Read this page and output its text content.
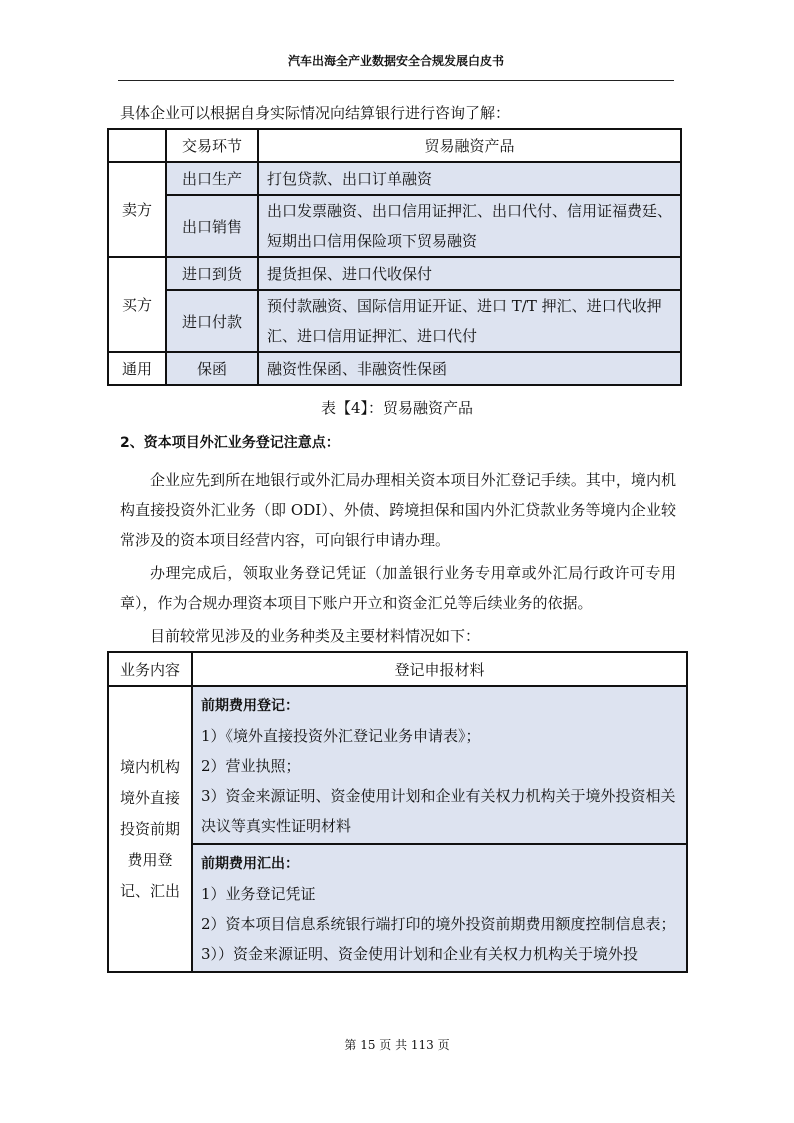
汽车出海全产业数据安全合规发展白皮书
具体企业可以根据自身实际情况向结算银行进行咨询了解：
	交易环节	贸易融资产品
卖方	出口生产	打包贷款、出口订单融资
	出口销售	出口发票融资、出口信用证押汇、出口代付、信用证福费廷、短期出口信用保险项下贸易融资
买方	进口到货	提货担保、进口代收保付
	进口付款	预付款融资、国际信用证开证、进口 T/T 押汇、进口代收押汇、进口信用证押汇、进口代付
通用	保函	融资性保函、非融资性保函
表【4】：贸易融资产品
2、资本项目外汇业务登记注意点：
企业应先到所在地银行或外汇局办理相关资本项目外汇登记手续。其中，境内机构直接投资外汇业务（即 ODI）、外债、跨境担保和国内外汇贷款业务等境内企业较常涉及的资本项目经营内容，可向银行申请办理。
办理完成后，领取业务登记凭证（加盖银行业务专用章或外汇局行政许可专用章），作为合规办理资本项目下账户开立和资金汇兑等后续业务的依据。
目前较常见涉及的业务种类及主要材料情况如下：
业务内容	登记申报材料
境内机构境外直接投资前期费用登记、汇出	前期费用登记：
1）《境外直接投资外汇登记业务申请表》；
2）营业执照；
3）资金来源证明、资金使用计划和企业有关权力机构关于境外投资相关决议等真实性证明材料

	前期费用汇出：
1）业务登记凭证
2）资本项目信息系统银行端打印的境外投资前期费用额度控制信息表；
3））资金来源证明、资金使用计划和企业有关权力机构关于境外投
第 15 页 共 113 页
